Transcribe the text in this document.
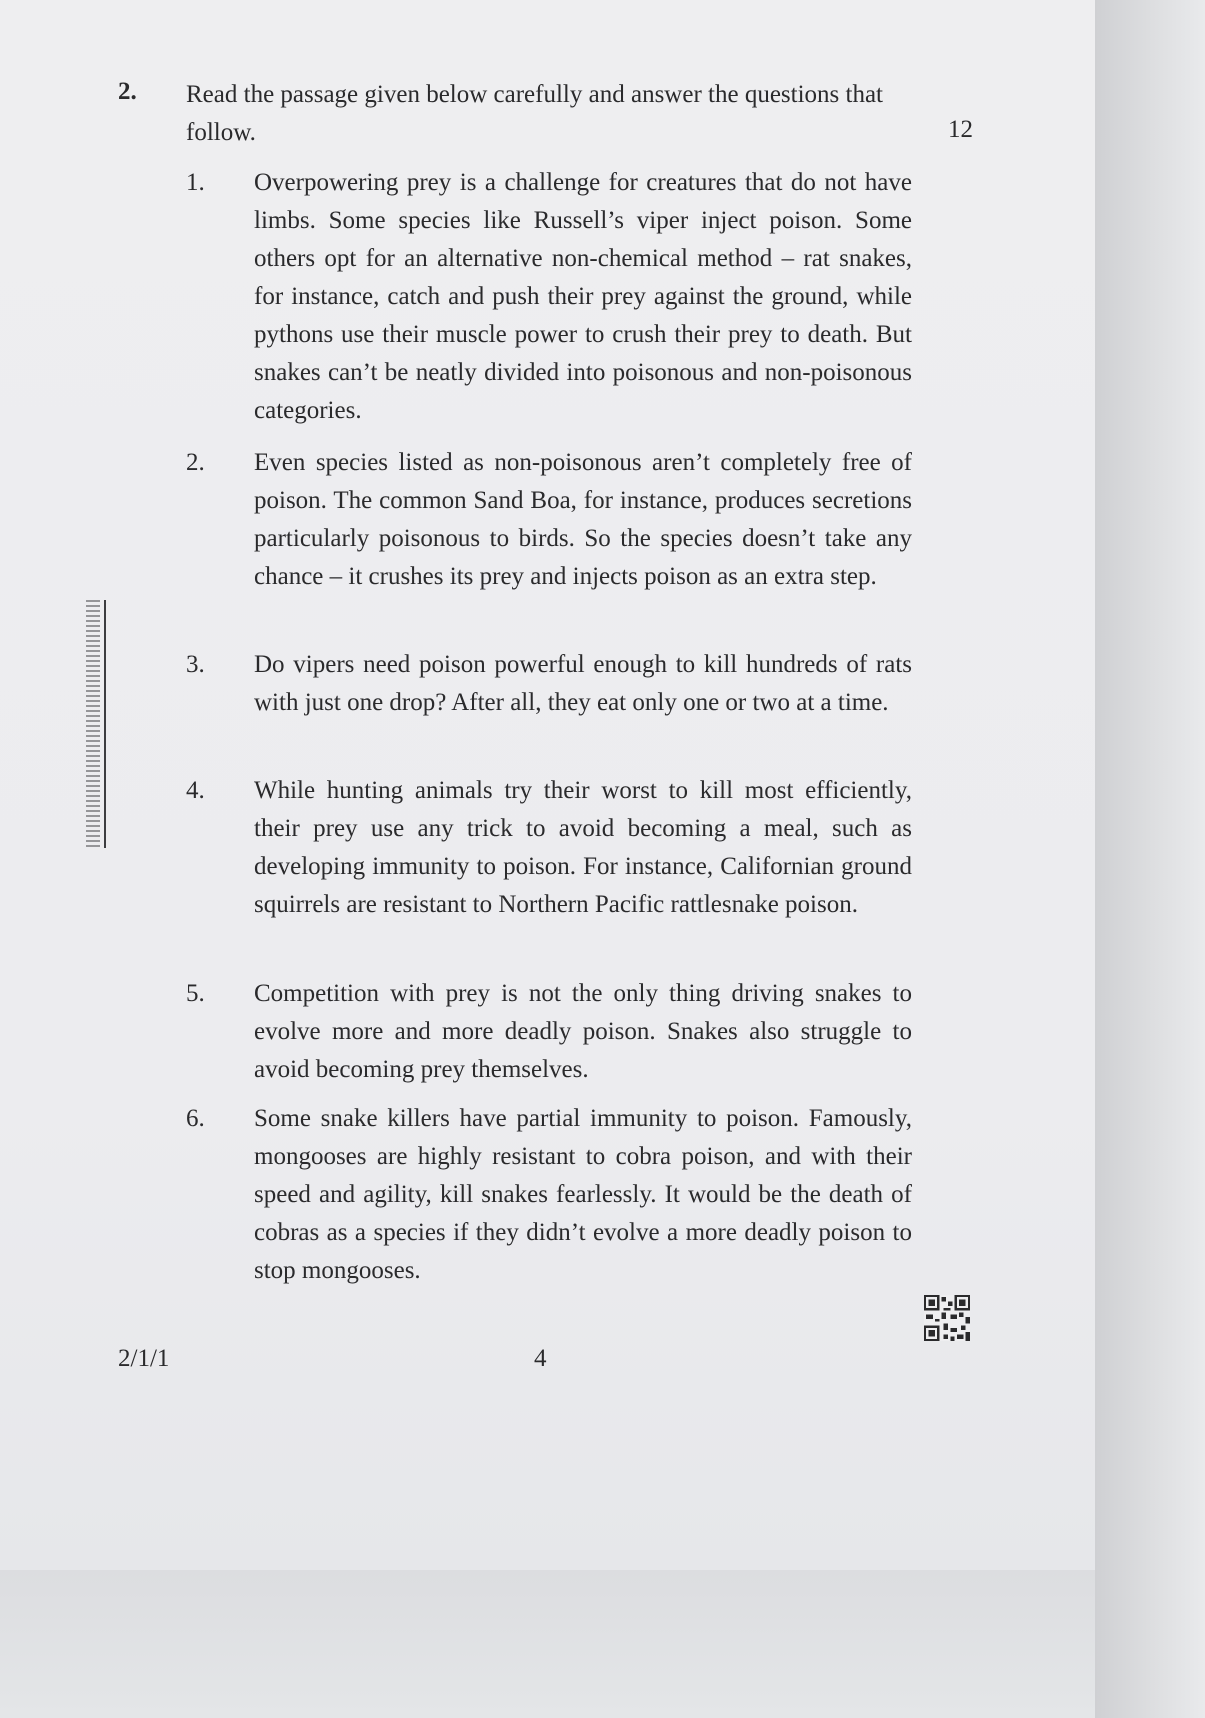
2. Read the passage given below carefully and answer the questions that follow.	12
1. Overpowering prey is a challenge for creatures that do not have limbs. Some species like Russell’s viper inject poison. Some others opt for an alternative non-chemical method – rat snakes, for instance, catch and push their prey against the ground, while pythons use their muscle power to crush their prey to death. But snakes can’t be neatly divided into poisonous and non-poisonous categories.
2. Even species listed as non-poisonous aren’t completely free of poison. The common Sand Boa, for instance, produces secretions particularly poisonous to birds. So the species doesn’t take any chance – it crushes its prey and injects poison as an extra step.
3. Do vipers need poison powerful enough to kill hundreds of rats with just one drop? After all, they eat only one or two at a time.
4. While hunting animals try their worst to kill most efficiently, their prey use any trick to avoid becoming a meal, such as developing immunity to poison. For instance, Californian ground squirrels are resistant to Northern Pacific rattlesnake poison.
5. Competition with prey is not the only thing driving snakes to evolve more and more deadly poison. Snakes also struggle to avoid becoming prey themselves.
6. Some snake killers have partial immunity to poison. Famously, mongooses are highly resistant to cobra poison, and with their speed and agility, kill snakes fearlessly. It would be the death of cobras as a species if they didn’t evolve a more deadly poison to stop mongooses.
2/1/1	4
